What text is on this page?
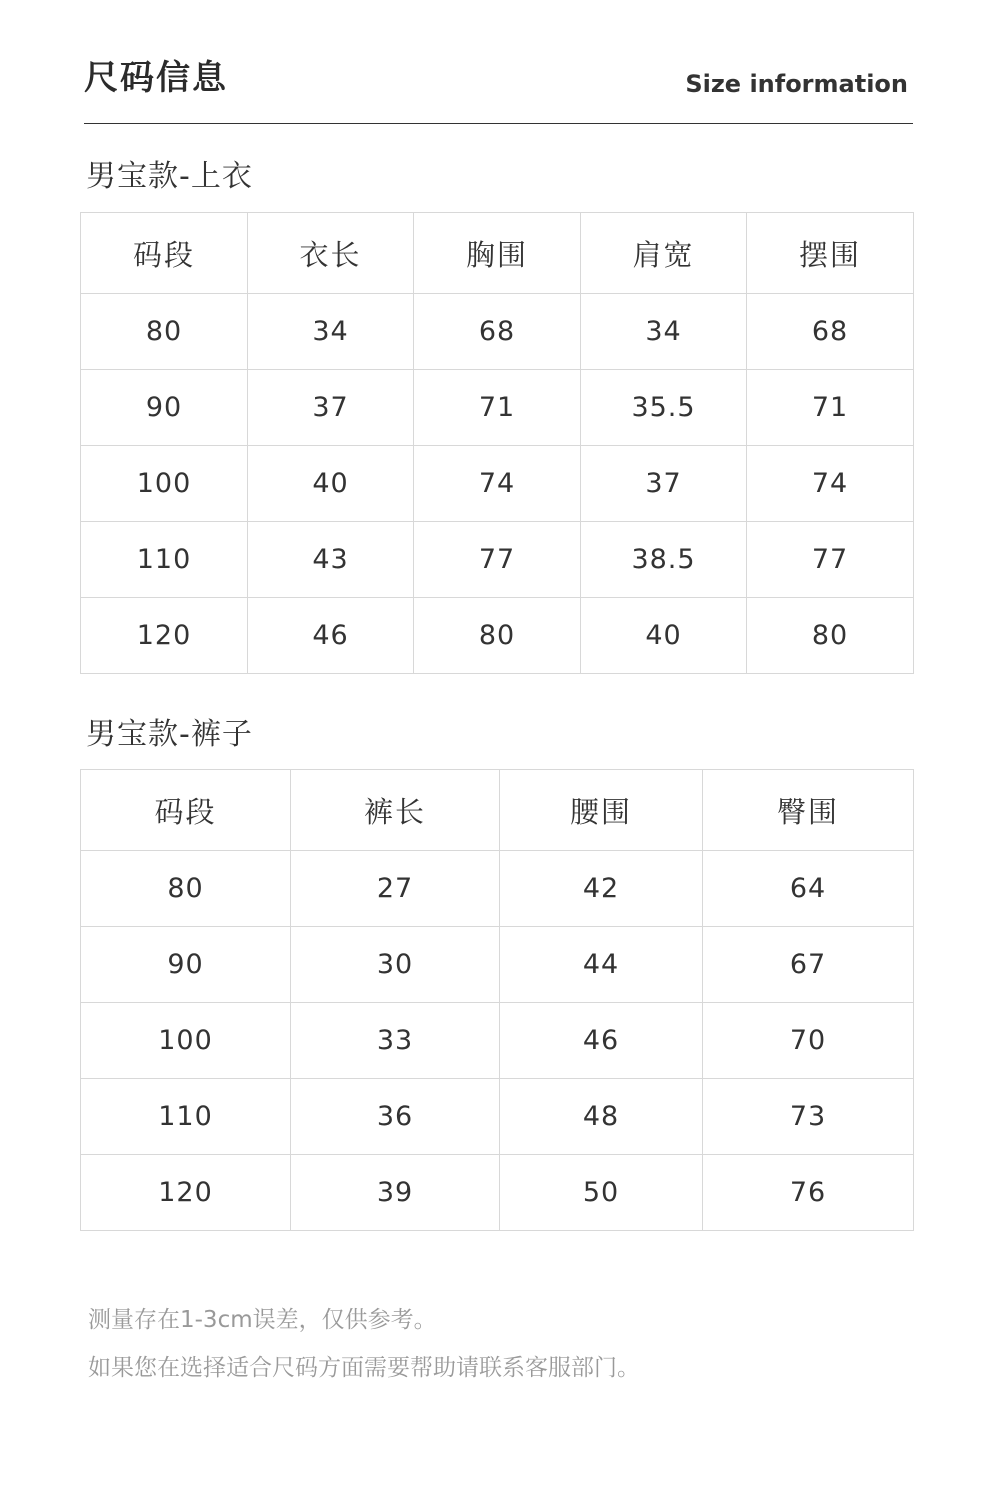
尺码信息	Size information
男宝款-上衣
码段	衣长	胸围	肩宽	摆围
80	34	68	34	68
90	37	71	35.5	71
100	40	74	37	74
110	43	77	38.5	77
120	46	80	40	80
男宝款-裤子
码段	裤长	腰围	臀围
80	27	42	64
90	30	44	67
100	33	46	70
110	36	48	73
120	39	50	76
测量存在1-3cm误差，仅供参考。
如果您在选择适合尺码方面需要帮助请联系客服部门。
